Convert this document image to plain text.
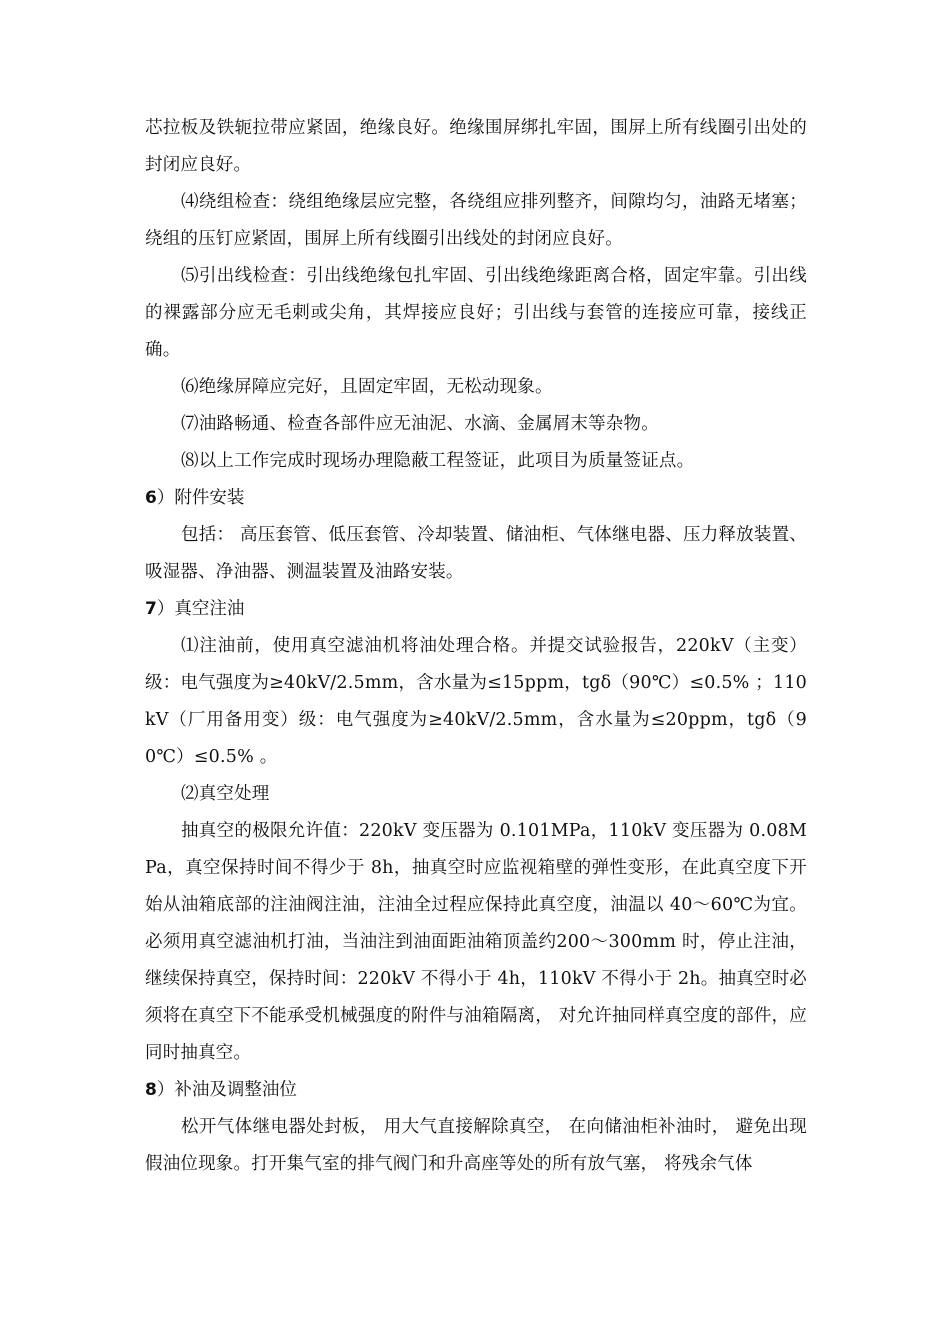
芯拉板及铁轭拉带应紧固，绝缘良好。绝缘围屏绑扎牢固，围屏上所有线圈引出处的封闭应良好。

⑷绕组检查：绕组绝缘层应完整，各绕组应排列整齐，间隙均匀，油路无堵塞；绕组的压钉应紧固，围屏上所有线圈引出线处的封闭应良好。

⑸引出线检查：引出线绝缘包扎牢固、引出线绝缘距离合格，固定牢靠。引出线的裸露部分应无毛刺或尖角，其焊接应良好；引出线与套管的连接应可靠，接线正确。

⑹绝缘屏障应完好，且固定牢固，无松动现象。

⑺油路畅通、检查各部件应无油泥、水滴、金属屑末等杂物。

⑻以上工作完成时现场办理隐蔽工程签证，此项目为质量签证点。

6 ）附件安装

包括： 高压套管、低压套管、冷却装置、储油柜、气体继电器、压力释放装置、吸湿器、净油器、测温装置及油路安装。

7 ）真空注油

⑴注油前，使用真空滤油机将油处理合格。并提交试验报告，220kV（主变）级：电气强度为≥40kV/2.5mm，含水量为≤15ppm，tgδ（90℃）≤0.5% ；110kV（厂用备用变）级：电气强度为≥40kV/2.5mm，含水量为≤20ppm，tgδ（90℃）≤0.5% 。

⑵真空处理

抽真空的极限允许值：220kV 变压器为 0.101MPa，110kV 变压器为 0.08MPa，真空保持时间不得少于 8h，抽真空时应监视箱壁的弹性变形，在此真空度下开始从油箱底部的注油阀注油，注油全过程应保持此真空度，油温以 40～60℃为宜。必须用真空滤油机打油，当油注到油面距油箱顶盖约200～300mm 时，停止注油，继续保持真空，保持时间：220kV 不得小于 4h，110kV 不得小于 2h。抽真空时必须将在真空下不能承受机械强度的附件与油箱隔离， 对允许抽同样真空度的部件，应同时抽真空。

8 ）补油及调整油位

松开气体继电器处封板， 用大气直接解除真空， 在向储油柜补油时， 避免出现假油位现象。打开集气室的排气阀门和升高座等处的所有放气塞， 将残余气体
